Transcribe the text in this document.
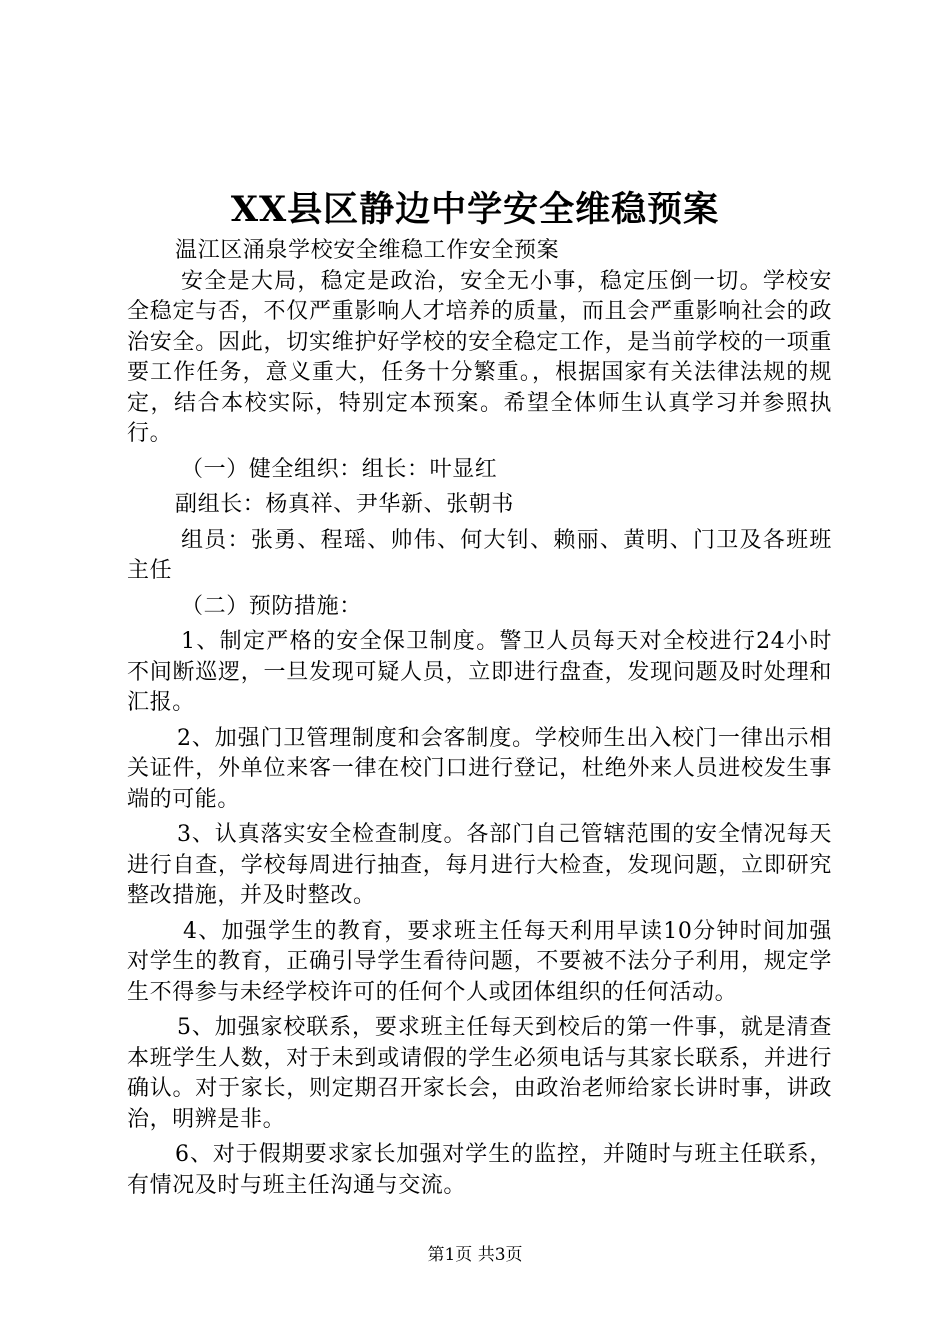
XX县区静边中学安全维稳预案

温江区涌泉学校安全维稳工作安全预案

安全是大局，稳定是政治，安全无小事，稳定压倒一切。学校安全稳定与否，不仅严重影响人才培养的质量，而且会严重影响社会的政治安全。因此，切实维护好学校的安全稳定工作，是当前学校的一项重要工作任务，意义重大，任务十分繁重。，根据国家有关法律法规的规定，结合本校实际，特别定本预案。希望全体师生认真学习并参照执行。

（一）健全组织：组长：叶显红

副组长：杨真祥、尹华新、张朝书

组员：张勇、程瑶、帅伟、何大钊、赖丽、黄明、门卫及各班班主任

（二）预防措施：

1、制定严格的安全保卫制度。警卫人员每天对全校进行24小时不间断巡逻，一旦发现可疑人员，立即进行盘查，发现问题及时处理和汇报。

2、加强门卫管理制度和会客制度。学校师生出入校门一律出示相关证件，外单位来客一律在校门口进行登记，杜绝外来人员进校发生事端的可能。

3、认真落实安全检查制度。各部门自己管辖范围的安全情况每天进行自查，学校每周进行抽查，每月进行大检查，发现问题，立即研究整改措施，并及时整改。

4、加强学生的教育，要求班主任每天利用早读10分钟时间加强对学生的教育，正确引导学生看待问题，不要被不法分子利用，规定学生不得参与未经学校许可的任何个人或团体组织的任何活动。

5、加强家校联系，要求班主任每天到校后的第一件事，就是清查本班学生人数，对于未到或请假的学生必须电话与其家长联系，并进行确认。对于家长，则定期召开家长会，由政治老师给家长讲时事，讲政治，明辨是非。

6、对于假期要求家长加强对学生的监控，并随时与班主任联系，有情况及时与班主任沟通与交流。

第1页 共3页
